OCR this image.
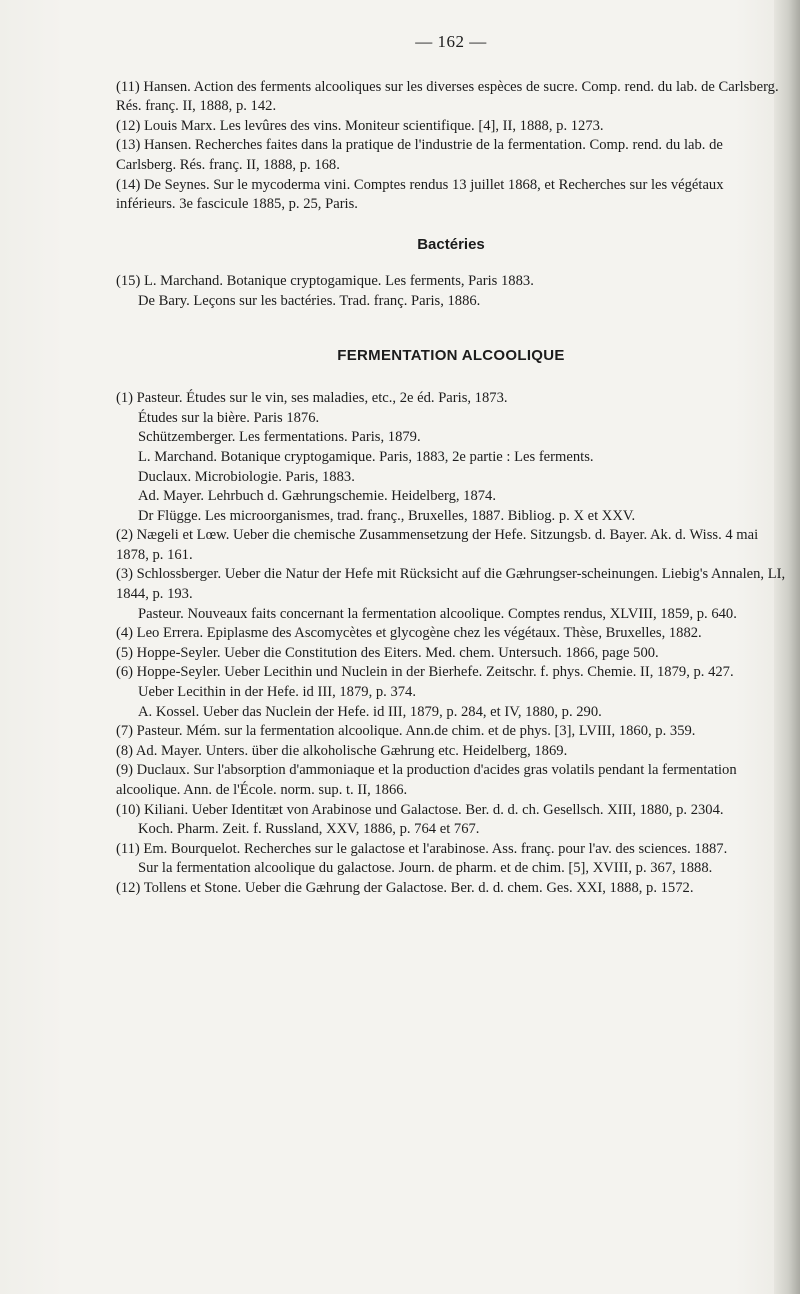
— 162 —

(11) Hansen. Action des ferments alcooliques sur les diverses espèces de sucre. Comp. rend. du lab. de Carlsberg. Rés. franç. II, 1888, p. 142.

(12) Louis Marx. Les levûres des vins. Moniteur scientifique. [4], II, 1888, p. 1273.

(13) Hansen. Recherches faites dans la pratique de l'industrie de la fermentation. Comp. rend. du lab. de Carlsberg. Rés. franç. II, 1888, p. 168.

(14) De Seynes. Sur le mycoderma vini. Comptes rendus 13 juillet 1868, et Recherches sur les végétaux inférieurs. 3e fascicule 1885, p. 25, Paris.

Bactéries

(15) L. Marchand. Botanique cryptogamique. Les ferments, Paris 1883.

De Bary. Leçons sur les bactéries. Trad. franç. Paris, 1886.

FERMENTATION ALCOOLIQUE

(1) Pasteur. Études sur le vin, ses maladies, etc., 2e éd. Paris, 1873.

Études sur la bière. Paris 1876.

Schützemberger. Les fermentations. Paris, 1879.

L. Marchand. Botanique cryptogamique. Paris, 1883, 2e partie : Les ferments.

Duclaux. Microbiologie. Paris, 1883.

Ad. Mayer. Lehrbuch d. Gæhrungschemie. Heidelberg, 1874.

Dr Flügge. Les microorganismes, trad. franç., Bruxelles, 1887. Bibliog. p. X et XXV.

(2) Nægeli et Lœw. Ueber die chemische Zusammensetzung der Hefe. Sitzungsb. d. Bayer. Ak. d. Wiss. 4 mai 1878, p. 161.

(3) Schlossberger. Ueber die Natur der Hefe mit Rücksicht auf die Gæhrungser-scheinungen. Liebig's Annalen, LI, 1844, p. 193.

Pasteur. Nouveaux faits concernant la fermentation alcoolique. Comptes rendus, XLVIII, 1859, p. 640.

(4) Leo Errera. Epiplasme des Ascomycètes et glycogène chez les végétaux. Thèse, Bruxelles, 1882.

(5) Hoppe-Seyler. Ueber die Constitution des Eiters. Med. chem. Untersuch. 1866, page 500.

(6) Hoppe-Seyler. Ueber Lecithin und Nuclein in der Bierhefe. Zeitschr. f. phys. Chemie. II, 1879, p. 427.

Ueber Lecithin in der Hefe. id III, 1879, p. 374.

A. Kossel. Ueber das Nuclein der Hefe. id III, 1879, p. 284, et IV, 1880, p. 290.

(7) Pasteur. Mém. sur la fermentation alcoolique. Ann.de chim. et de phys. [3], LVIII, 1860, p. 359.

(8) Ad. Mayer. Unters. über die alkoholische Gæhrung etc. Heidelberg, 1869.

(9) Duclaux. Sur l'absorption d'ammoniaque et la production d'acides gras volatils pendant la fermentation alcoolique. Ann. de l'École. norm. sup. t. II, 1866.

(10) Kiliani. Ueber Identitæt von Arabinose und Galactose. Ber. d. d. ch. Gesellsch. XIII, 1880, p. 2304.

Koch. Pharm. Zeit. f. Russland, XXV, 1886, p. 764 et 767.

(11) Em. Bourquelot. Recherches sur le galactose et l'arabinose. Ass. franç. pour l'av. des sciences. 1887.

Sur la fermentation alcoolique du galactose. Journ. de pharm. et de chim. [5], XVIII, p. 367, 1888.

(12) Tollens et Stone. Ueber die Gæhrung der Galactose. Ber. d. d. chem. Ges. XXI, 1888, p. 1572.
